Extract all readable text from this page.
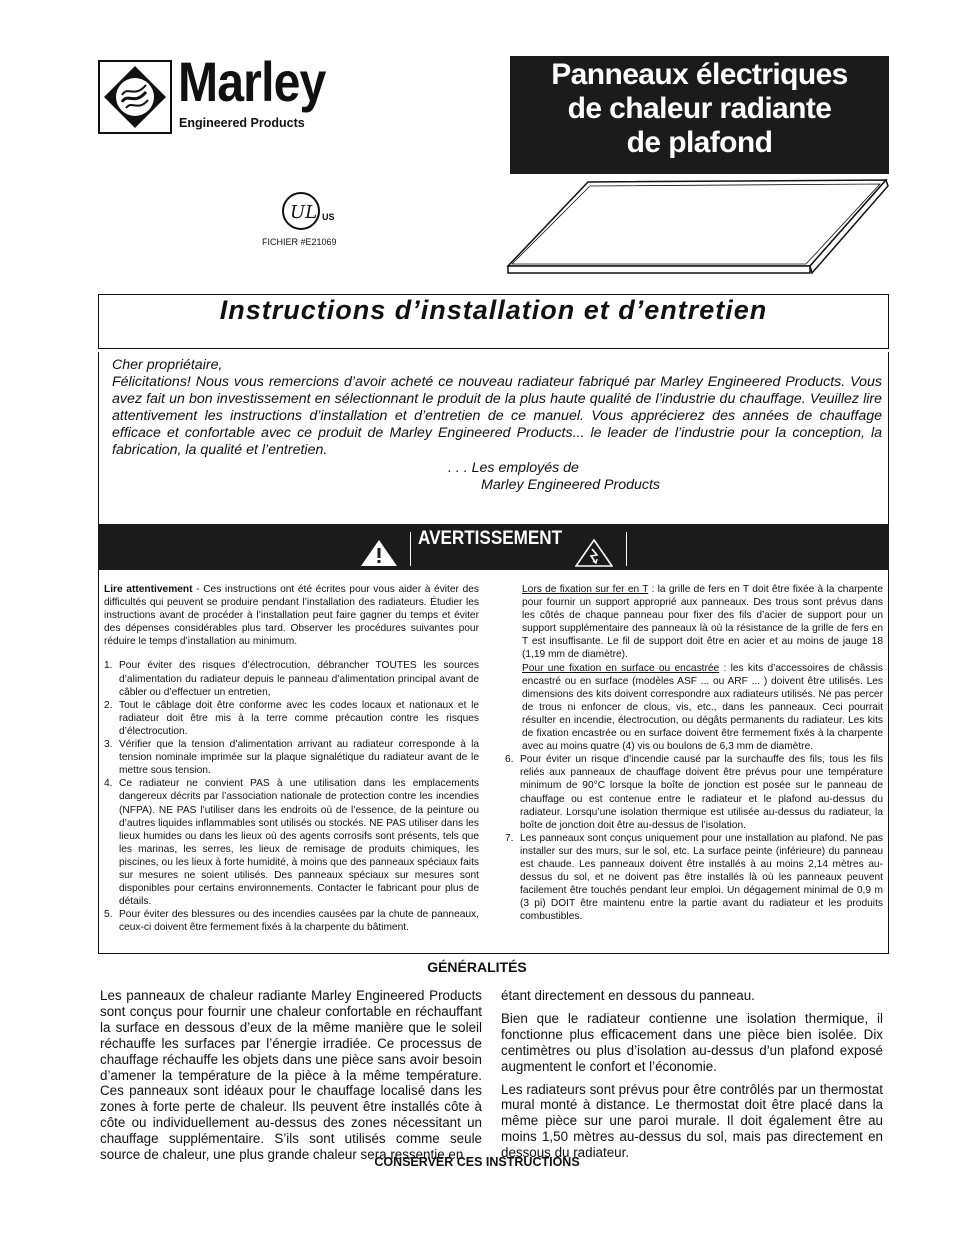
Marley
Engineered Products
Panneaux électriques
de chaleur radiante
de plafond
UL US
FICHIER #E21069
Instructions d’installation et d’entretien
Cher propriétaire,
Félicitations! Nous vous remercions d’avoir acheté ce nouveau radiateur fabriqué par Marley Engineered Products. Vous avez fait un bon investissement en sélectionnant le produit de la plus haute qualité de l’industrie du chauffage. Veuillez lire attentivement les instructions d’installation et d’entretien de ce manuel. Vous apprécierez des années de chauffage efficace et confortable avec ce produit de Marley Engineered Products... le leader de l’industrie pour la conception, la fabrication, la qualité et l’entretien.
. . . Les employés de
Marley Engineered Products
AVERTISSEMENT

Lire attentivement - Ces instructions ont été écrites pour vous aider à éviter des difficultés qui peuvent se produire pendant l’installation des radiateurs. Étudier les instructions avant de procéder à l’installation peut faire gagner du temps et éviter des dépenses considérables plus tard. Observer les procédures suivantes pour réduire le temps d’installation au minimum.

1. Pour éviter des risques d’électrocution, débrancher TOUTES les sources d’alimentation du radiateur depuis le panneau d’alimentation principal avant de câbler ou d’effectuer un entretien,
2. Tout le câblage doit être conforme avec les codes locaux et nationaux et le radiateur doit être mis à la terre comme précaution contre les risques d’électrocution.
3. Vérifier que la tension d’alimentation arrivant au radiateur corresponde à la tension nominale imprimée sur la plaque signalétique du radiateur avant de le mettre sous tension.
4. Ce radiateur ne convient PAS à une utilisation dans les emplacements dangereux décrits par l’association nationale de protection contre les incendies (NFPA). NE PAS l’utiliser dans les endroits où de l’essence, de la peinture ou d’autres liquides inflammables sont utilisés ou stockés. NE PAS utiliser dans les lieux humides ou dans les lieux où des agents corrosifs sont présents, tels que les marinas, les serres, les lieux de remisage de produits chimiques, les piscines, ou les lieux à forte humidité, à moins que des panneaux spéciaux faits sur mesures ne soient utilisés. Des panneaux spéciaux sur mesures sont disponibles pour certains environnements. Contacter le fabricant pour plus de détails.
5. Pour éviter des blessures ou des incendies causées par la chute de panneaux, ceux-ci doivent être fermement fixés à la charpente du bâtiment.
Lors de fixation sur fer en T : la grille de fers en T doit être fixée à la charpente pour fournir un support approprié aux panneaux. Des trous sont prévus dans les côtés de chaque panneau pour fixer des fils d’acier de support pour un support supplémentaire des panneaux là où la résistance de la grille de fers en T est insuffisante. Le fil de support doit être en acier et au moins de jauge 18 (1,19 mm de diamètre).
Pour une fixation en surface ou encastrée : les kits d’accessoires de châssis encastré ou en surface (modèles ASF ... ou ARF ... ) doivent être utilisés. Les dimensions des kits doivent correspondre aux radiateurs utilisés. Ne pas percer de trous ni enfoncer de clous, vis, etc., dans les panneaux. Ceci pourrait résulter en incendie, électrocution, ou dégâts permanents du radiateur. Les kits de fixation encastrée ou en surface doivent être fermement fixés à la charpente avec au moins quatre (4) vis ou boulons de 6,3 mm de diamètre.
6. Pour éviter un risque d’incendie causé par la surchauffe des fils, tous les fils reliés aux panneaux de chauffage doivent être prévus pour une température minimum de 90°C lorsque la boîte de jonction est posée sur le panneau de chauffage ou est contenue entre le radiateur et le plafond au-dessus du radiateur. Lorsqu’une isolation thermique est utilisée au-dessus du radiateur, la boîte de jonction doit être au-dessus de l’isolation.
7. Les panneaux sont conçus uniquement pour une installation au plafond. Ne pas installer sur des murs, sur le sol, etc. La surface peinte (inférieure) du panneau est chaude. Les panneaux doivent être installés à au moins 2,14 mètres au-dessus du sol, et ne doivent pas être installés là où les panneaux peuvent facilement être touchés pendant leur emploi. Un dégagement minimal de 0,9 m (3 pi) DOIT être maintenu entre la partie avant du radiateur et les produits combustibles.
GÉNÉRALITÉS

Les panneaux de chaleur radiante Marley Engineered Products sont conçus pour fournir une chaleur confortable en réchauffant la surface en dessous d’eux de la même manière que le soleil réchauffe les surfaces par l’énergie irradiée. Ce processus de chauffage réchauffe les objets dans une pièce sans avoir besoin d’amener la température de la pièce à la même température. Ces panneaux sont idéaux pour le chauffage localisé dans les zones à forte perte de chaleur. Ils peuvent être installés côte à côte ou individuellement au-dessus des zones nécessitant un chauffage supplémentaire. S’ils sont utilisés comme seule source de chaleur, une plus grande chaleur sera ressentie en

étant directement en dessous du panneau.

Bien que le radiateur contienne une isolation thermique, il fonctionne plus efficacement dans une pièce bien isolée. Dix centimètres ou plus d’isolation au-dessus d’un plafond exposé augmentent le confort et l’économie.

Les radiateurs sont prévus pour être contrôlés par un thermostat mural monté à distance. Le thermostat doit être placé dans la même pièce sur une paroi murale. Il doit également être au moins 1,50 mètres au-dessus du sol, mais pas directement en dessous du radiateur.

CONSERVER CES INSTRUCTIONS
